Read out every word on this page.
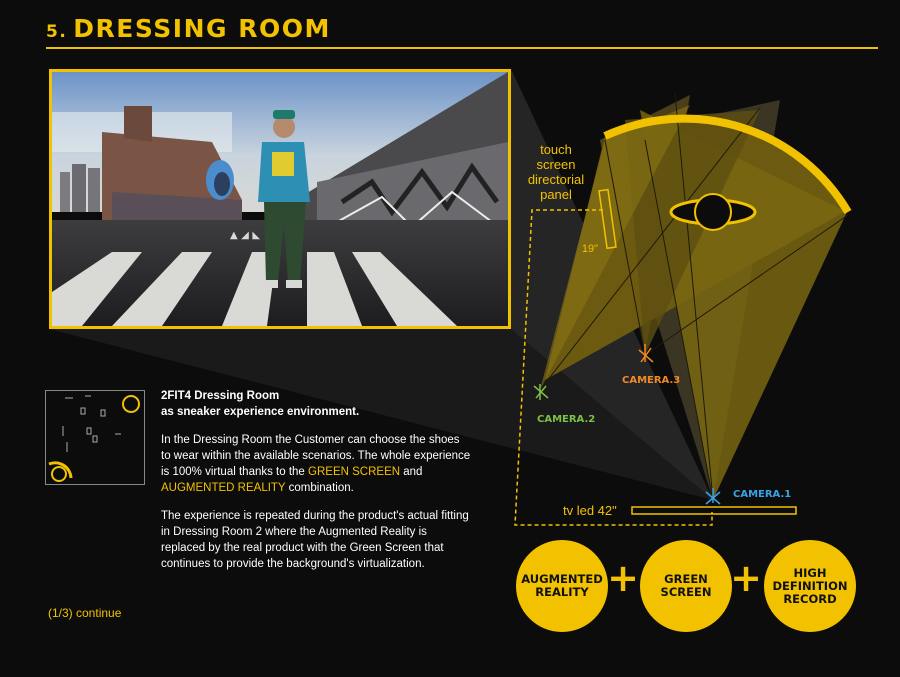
5. DRESSING ROOM
touch
screen
directorial
panel
19"
tv led 42"
CAMERA.1
CAMERA.2
CAMERA.3
▲ ◢ ◣
2FIT4 Dressing Room
as sneaker experience environment.

In the Dressing Room the Customer can choose the shoes to wear within the available scenarios. The whole experience is 100% virtual thanks to the GREEN SCREEN and AUGMENTED REALITY combination.

The experience is repeated during the product's actual fitting in Dressing Room 2 where the Augmented Reality is replaced by the real product with the Green Screen that continues to provide the background's virtualization.

(1/3) continue
AUGMENTED REALITY +	GREEN SCREEN +	HIGH DEFINITION RECORD
